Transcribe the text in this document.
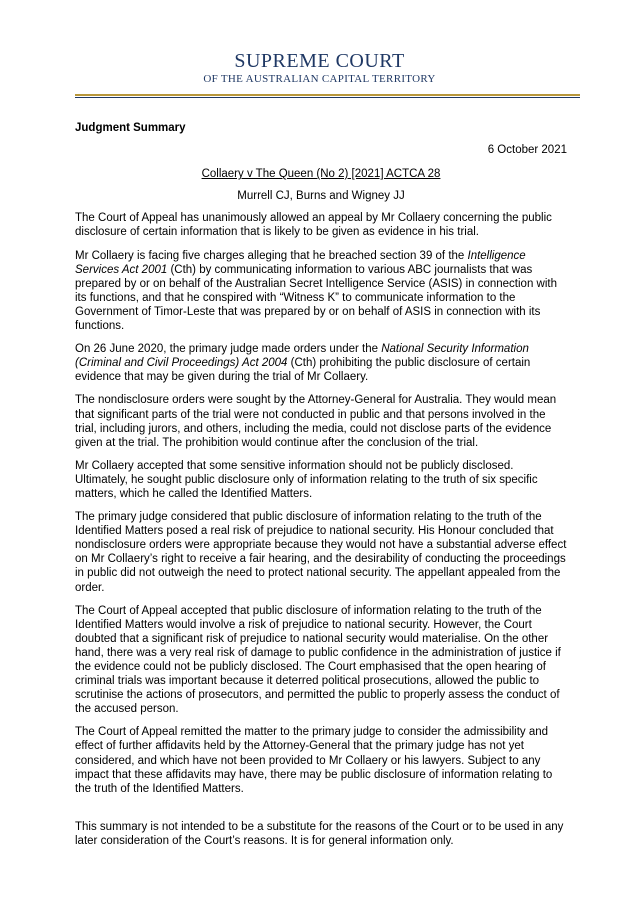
SUPREME COURT
OF THE AUSTRALIAN CAPITAL TERRITORY

Judgment Summary

6 October 2021

Collaery v The Queen (No 2) [2021] ACTCA 28

Murrell CJ, Burns and Wigney JJ

The Court of Appeal has unanimously allowed an appeal by Mr Collaery concerning the public disclosure of certain information that is likely to be given as evidence in his trial.

Mr Collaery is facing five charges alleging that he breached section 39 of the Intelligence Services Act 2001 (Cth) by communicating information to various ABC journalists that was prepared by or on behalf of the Australian Secret Intelligence Service (ASIS) in connection with its functions, and that he conspired with “Witness K” to communicate information to the Government of Timor-Leste that was prepared by or on behalf of ASIS in connection with its functions.

On 26 June 2020, the primary judge made orders under the National Security Information (Criminal and Civil Proceedings) Act 2004 (Cth) prohibiting the public disclosure of certain evidence that may be given during the trial of Mr Collaery.

The nondisclosure orders were sought by the Attorney-General for Australia. They would mean that significant parts of the trial were not conducted in public and that persons involved in the trial, including jurors, and others, including the media, could not disclose parts of the evidence given at the trial. The prohibition would continue after the conclusion of the trial.

Mr Collaery accepted that some sensitive information should not be publicly disclosed. Ultimately, he sought public disclosure only of information relating to the truth of six specific matters, which he called the Identified Matters.

The primary judge considered that public disclosure of information relating to the truth of the Identified Matters posed a real risk of prejudice to national security. His Honour concluded that nondisclosure orders were appropriate because they would not have a substantial adverse effect on Mr Collaery’s right to receive a fair hearing, and the desirability of conducting the proceedings in public did not outweigh the need to protect national security. The appellant appealed from the order.

The Court of Appeal accepted that public disclosure of information relating to the truth of the Identified Matters would involve a risk of prejudice to national security. However, the Court doubted that a significant risk of prejudice to national security would materialise. On the other hand, there was a very real risk of damage to public confidence in the administration of justice if the evidence could not be publicly disclosed. The Court emphasised that the open hearing of criminal trials was important because it deterred political prosecutions, allowed the public to scrutinise the actions of prosecutors, and permitted the public to properly assess the conduct of the accused person.

The Court of Appeal remitted the matter to the primary judge to consider the admissibility and effect of further affidavits held by the Attorney-General that the primary judge has not yet considered, and which have not been provided to Mr Collaery or his lawyers. Subject to any impact that these affidavits may have, there may be public disclosure of information relating to the truth of the Identified Matters.

This summary is not intended to be a substitute for the reasons of the Court or to be used in any later consideration of the Court’s reasons. It is for general information only.
